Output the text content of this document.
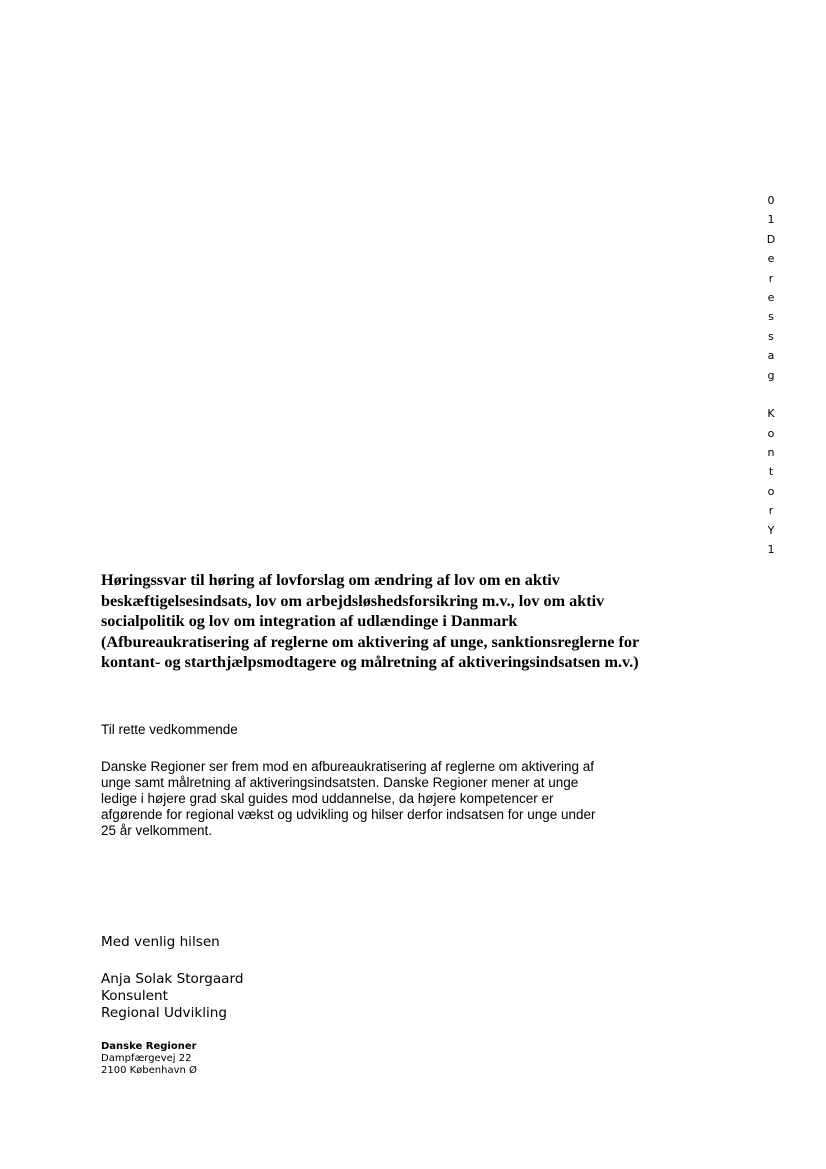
0
1
D
e
r
e
s
s
a
g
K
o
n
t
o
r
Y
1

Høringssvar til høring af lovforslag om ændring af lov om en aktiv beskæftigelsesindsats, lov om arbejdsløshedsforsikring m.v., lov om aktiv socialpolitik og lov om integration af udlændinge i Danmark (Afbureaukratisering af reglerne om aktivering af unge, sanktionsreglerne for kontant- og starthjælpsmodtagere og målretning af aktiveringsindsatsen m.v.)

Til rette vedkommende

Danske Regioner ser frem mod en afbureaukratisering af reglerne om aktivering af
unge samt målretning af aktiveringsindsatsten. Danske Regioner mener at unge
ledige i højere grad skal guides mod uddannelse, da højere kompetencer er
afgørende for regional vækst og udvikling og hilser derfor indsatsen for unge under
25 år velkomment.

Med venlig hilsen

Anja Solak Storgaard
Konsulent
Regional Udvikling

Danske Regioner
Dampfærgevej 22
2100 København Ø
